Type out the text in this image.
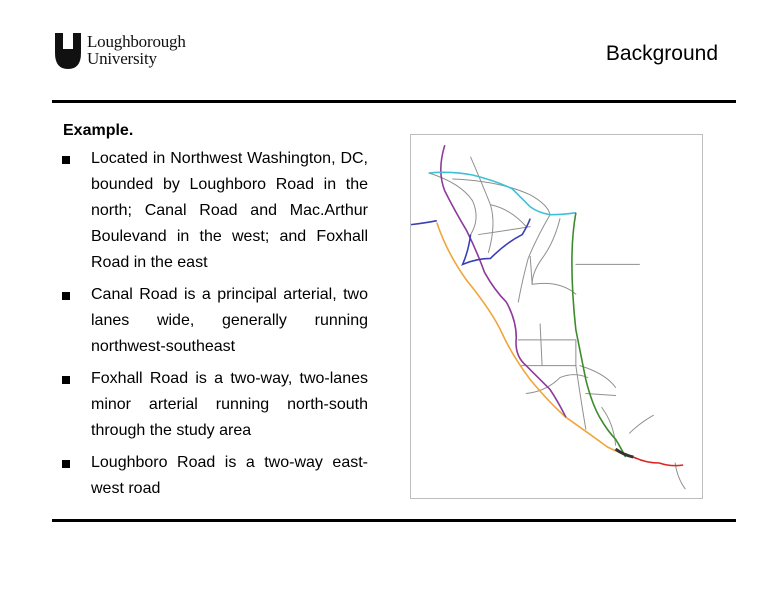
Loughborough
University	Background
Example.
Located in Northwest Washington, DC, bounded by Loughboro Road in the north; Canal Road and Mac.Arthur Boulevand in the west; and Foxhall Road in the east
Canal Road is a principal arterial, two lanes wide, generally running northwest-southeast
Foxhall Road is a two-way, two-lanes minor arterial running north-south through the study area
Loughboro Road is a two-way east-west road
